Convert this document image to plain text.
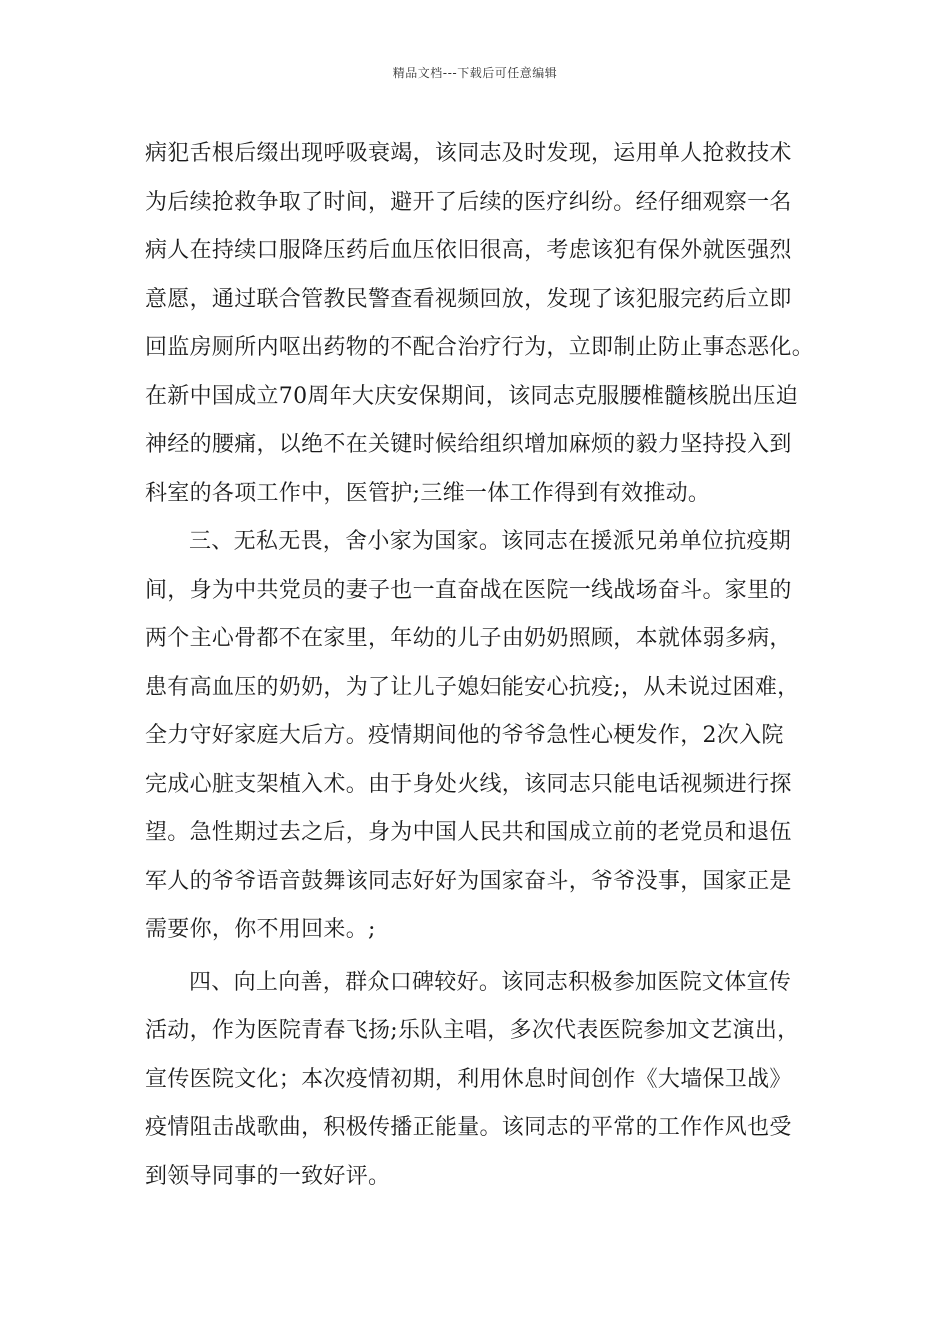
精品文档---下载后可任意编辑
病犯舌根后缀出现呼吸衰竭，该同志及时发现，运用单人抢救技术
为后续抢救争取了时间，避开了后续的医疗纠纷。经仔细观察一名
病人在持续口服降压药后血压依旧很高，考虑该犯有保外就医强烈
意愿，通过联合管教民警查看视频回放，发现了该犯服完药后立即
回监房厕所内呕出药物的不配合治疗行为，立即制止防止事态恶化。
在新中国成立70周年大庆安保期间，该同志克服腰椎髓核脱出压迫
神经的腰痛，以绝不在关键时候给组织增加麻烦的毅力坚持投入到
科室的各项工作中，医管护;三维一体工作得到有效推动。
三、无私无畏，舍小家为国家。该同志在援派兄弟单位抗疫期
间，身为中共党员的妻子也一直奋战在医院一线战场奋斗。家里的
两个主心骨都不在家里，年幼的儿子由奶奶照顾，本就体弱多病，
患有高血压的奶奶，为了让儿子媳妇能安心抗疫;，从未说过困难，
全力守好家庭大后方。疫情期间他的爷爷急性心梗发作，2次入院
完成心脏支架植入术。由于身处火线，该同志只能电话视频进行探
望。急性期过去之后，身为中国人民共和国成立前的老党员和退伍
军人的爷爷语音鼓舞该同志好好为国家奋斗，爷爷没事，国家正是
需要你，你不用回来。;
四、向上向善，群众口碑较好。该同志积极参加医院文体宣传
活动，作为医院青春飞扬;乐队主唱，多次代表医院参加文艺演出，
宣传医院文化；本次疫情初期，利用休息时间创作《大墙保卫战》
疫情阻击战歌曲，积极传播正能量。该同志的平常的工作作风也受
到领导同事的一致好评。
